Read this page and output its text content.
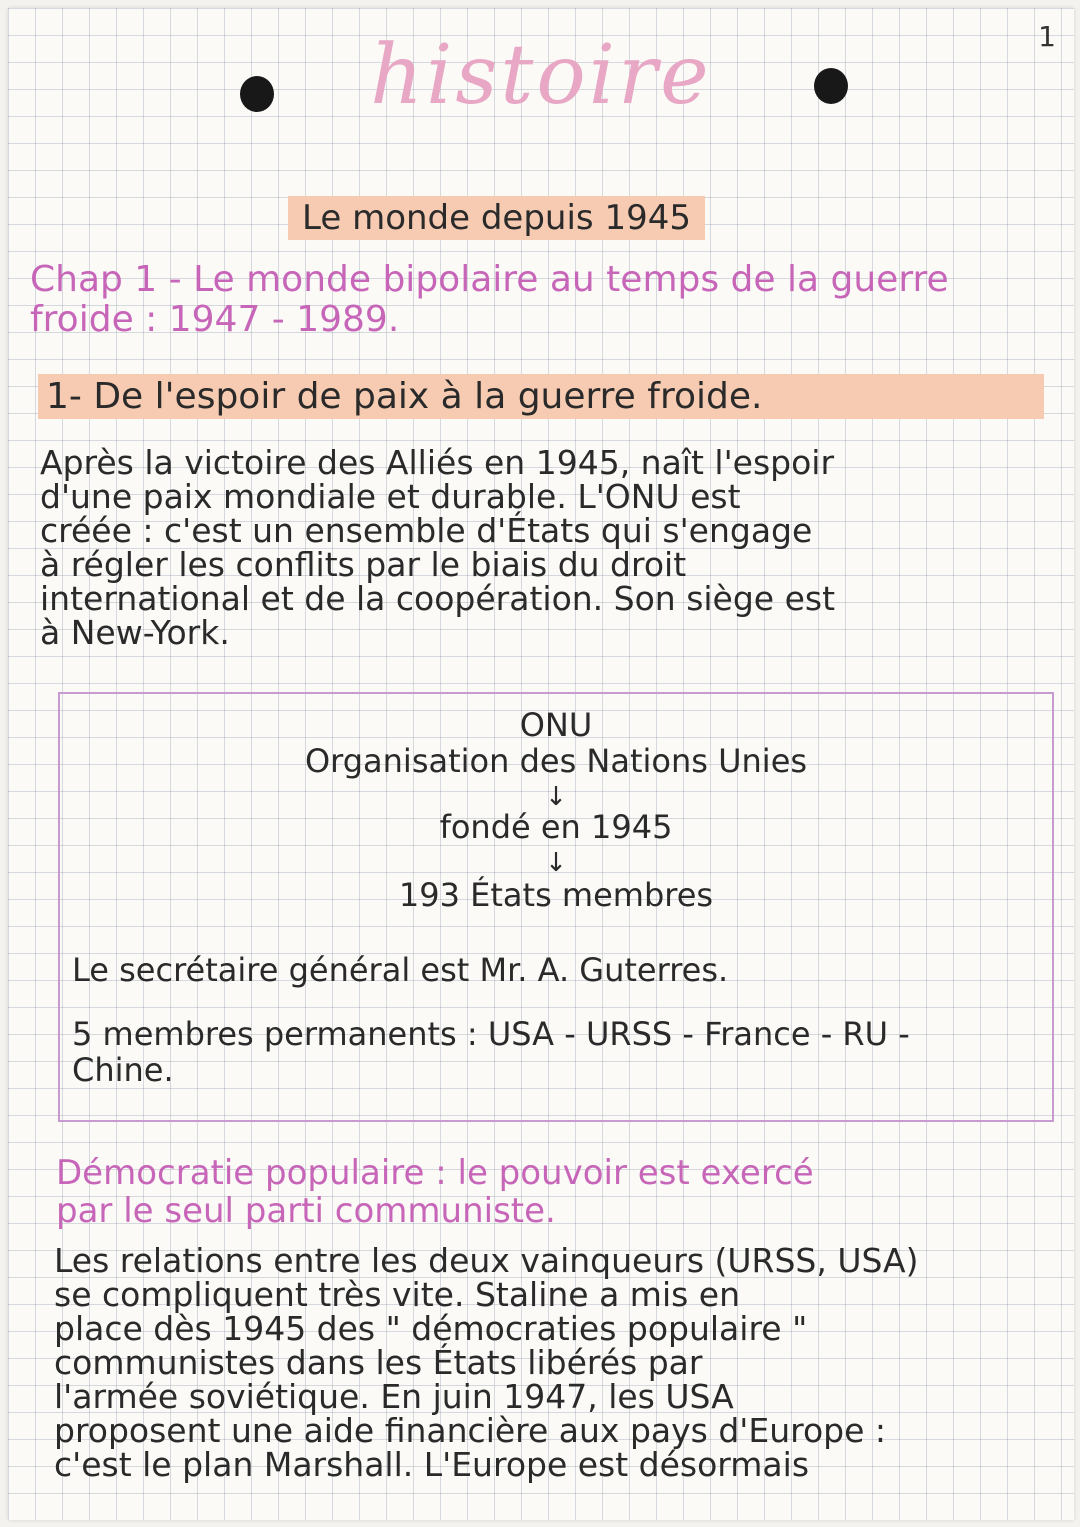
1
histoire
Le monde depuis 1945
Chap 1 - Le monde bipolaire au temps de la guerre froide : 1947 - 1989.
1- De l'espoir de paix à la guerre froide.
Après la victoire des Alliés en 1945, naît l'espoir
d'une paix mondiale et durable. L'ONU est
créée : c'est un ensemble d'États qui s'engage
à régler les conflits par le biais du droit
international et de la coopération. Son siège est
à New-York.
ONU
Organisation des Nations Unies
↓
fondé en 1945
↓
193 États membres
Le secrétaire général est Mr. A. Guterres.
5 membres permanents : USA - URSS - France - RU -
Chine.
Démocratie populaire : le pouvoir est exercé
par le seul parti communiste.
Les relations entre les deux vainqueurs (URSS, USA)
se compliquent très vite. Staline a mis en
place dès 1945 des " démocraties populaire "
communistes dans les États libérés par
l'armée soviétique. En juin 1947, les USA
proposent une aide financière aux pays d'Europe :
c'est le plan Marshall. L'Europe est désormais
